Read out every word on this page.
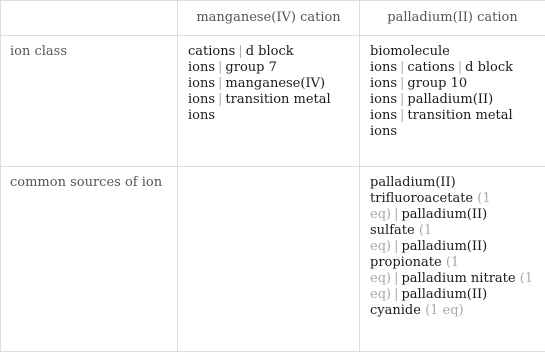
	manganese(IV) cation	palladium(II) cation
ion class	cations | d block ions | group 7 ions | manganese(IV) ions | transition metal ions	biomolecule ions | cations | d block ions | group 10 ions | palladium(II) ions | transition metal ions
common sources of ion		palladium(II) trifluoroacetate (1 eq) | palladium(II) sulfate (1 eq) | palladium(II) propionate (1 eq) | palladium nitrate (1 eq) | palladium(II) cyanide (1 eq)
